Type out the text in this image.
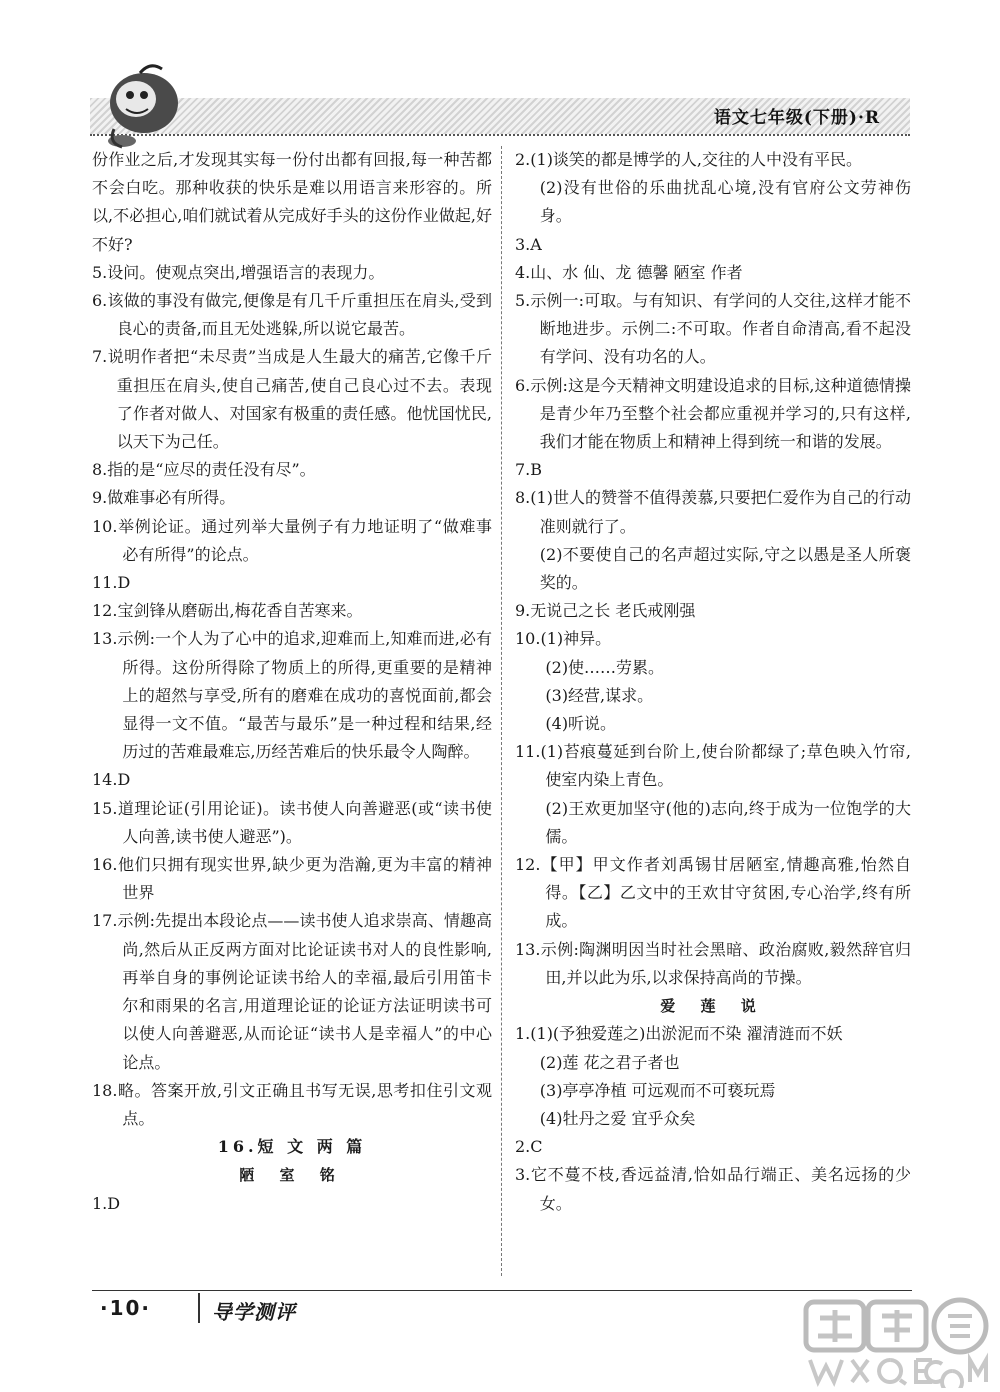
语文七年级(下册)·R

份作业之后,才发现其实每一份付出都有回报,每一种苦都不会白吃。那种收获的快乐是难以用语言来形容的。所以,不必担心,咱们就试着从完成好手头的这份作业做起,好不好?

5.设问。使观点突出,增强语言的表现力。

6.该做的事没有做完,便像是有几千斤重担压在肩头,受到良心的责备,而且无处逃躲,所以说它最苦。

7.说明作者把“未尽责”当成是人生最大的痛苦,它像千斤重担压在肩头,使自己痛苦,使自己良心过不去。表现了作者对做人、对国家有极重的责任感。他忧国忧民,以天下为己任。

8.指的是“应尽的责任没有尽”。

9.做难事必有所得。

10.举例论证。通过列举大量例子有力地证明了“做难事必有所得”的论点。

11.D

12.宝剑锋从磨砺出,梅花香自苦寒来。

13.示例:一个人为了心中的追求,迎难而上,知难而进,必有所得。这份所得除了物质上的所得,更重要的是精神上的超然与享受,所有的磨难在成功的喜悦面前,都会显得一文不值。“最苦与最乐”是一种过程和结果,经历过的苦难最难忘,历经苦难后的快乐最令人陶醉。

14.D

15.道理论证(引用论证)。读书使人向善避恶(或“读书使人向善,读书使人避恶”)。

16.他们只拥有现实世界,缺少更为浩瀚,更为丰富的精神世界

17.示例:先提出本段论点——读书使人追求崇高、情趣高尚,然后从正反两方面对比论证读书对人的良性影响,再举自身的事例论证读书给人的幸福,最后引用笛卡尔和雨果的名言,用道理论证的论证方法证明读书可以使人向善避恶,从而论证“读书人是幸福人”的中心论点。

18.略。答案开放,引文正确且书写无误,思考扣住引文观点。

16.短 文 两 篇

陋 室 铭

1.D

2.(1)谈笑的都是博学的人,交往的人中没有平民。

(2)没有世俗的乐曲扰乱心境,没有官府公文劳神伤身。

3.A

4.山、水 仙、龙 德馨 陋室 作者

5.示例一:可取。与有知识、有学问的人交往,这样才能不断地进步。示例二:不可取。作者自命清高,看不起没有学问、没有功名的人。

6.示例:这是今天精神文明建设追求的目标,这种道德情操是青少年乃至整个社会都应重视并学习的,只有这样,我们才能在物质上和精神上得到统一和谐的发展。

7.B

8.(1)世人的赞誉不值得羡慕,只要把仁爱作为自己的行动准则就行了。

(2)不要使自己的名声超过实际,守之以愚是圣人所褒奖的。

9.无说己之长 老氏戒刚强

10.(1)神异。

(2)使……劳累。

(3)经营,谋求。

(4)听说。

11.(1)苔痕蔓延到台阶上,使台阶都绿了;草色映入竹帘,使室内染上青色。

(2)王欢更加坚守(他的)志向,终于成为一位饱学的大儒。

12.【甲】甲文作者刘禹锡甘居陋室,情趣高雅,怡然自得。【乙】乙文中的王欢甘守贫困,专心治学,终有所成。

13.示例:陶渊明因当时社会黑暗、政治腐败,毅然辞官归田,并以此为乐,以求保持高尚的节操。

爱 莲 说

1.(1)(予独爱莲之)出淤泥而不染 濯清涟而不妖

(2)莲 花之君子者也

(3)亭亭净植 可远观而不可亵玩焉

(4)牡丹之爱 宜乎众矣

2.C

3.它不蔓不枝,香远益清,恰如品行端正、美名远扬的少女。

·10·	导学测评
